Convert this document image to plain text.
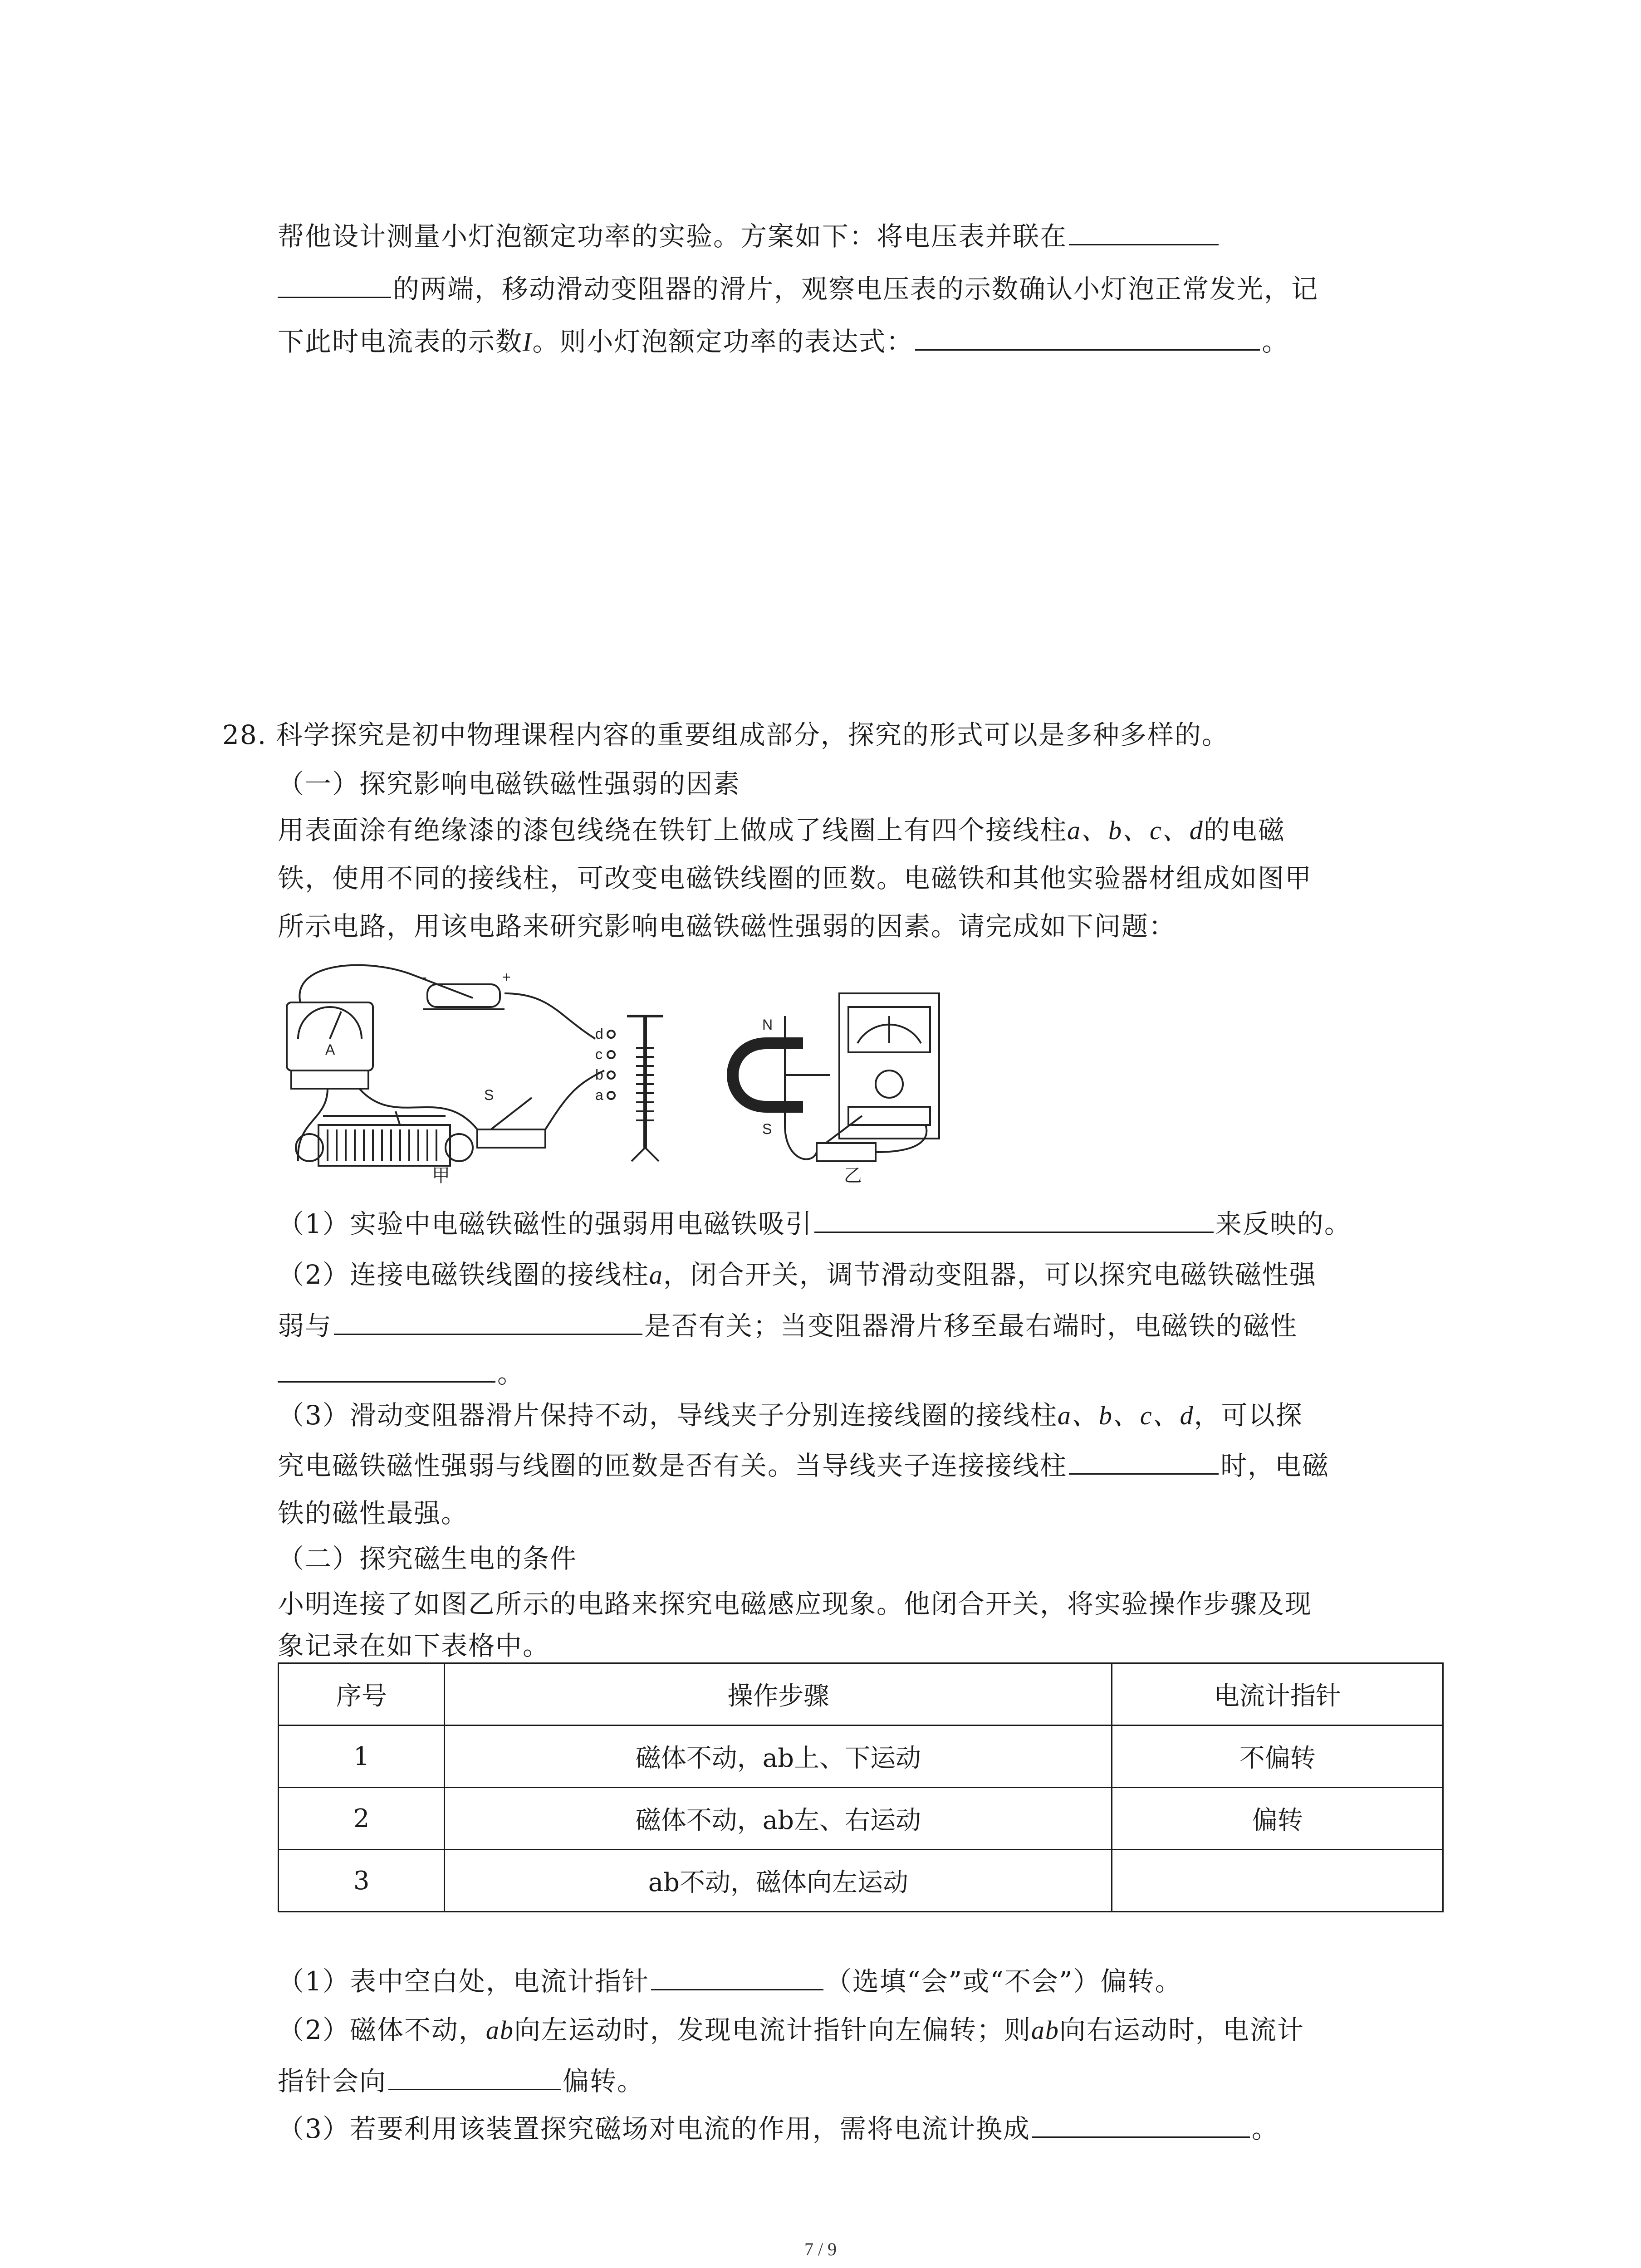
帮他设计测量小灯泡额定功率的实验。方案如下：将电压表并联在
的两端，移动滑动变阻器的滑片，观察电压表的示数确认小灯泡正常发光，记
下此时电流表的示数I。则小灯泡额定功率的表达式：	。
28. 科学探究是初中物理课程内容的重要组成部分，探究的形式可以是多种多样的。
（一）探究影响电磁铁磁性强弱的因素
用表面涂有绝缘漆的漆包线绕在铁钉上做成了线圈上有四个接线柱a、b、c、d的电磁
铁，使用不同的接线柱，可改变电磁铁线圈的匝数。电磁铁和其他实验器材组成如图甲
所示电路，用该电路来研究影响电磁铁磁性强弱的因素。请完成如下问题：
A
-	+
d
c
b
a
S
甲
N
S
乙
（1）实验中电磁铁磁性的强弱用电磁铁吸引	来反映的。
（2）连接电磁铁线圈的接线柱a，闭合开关，调节滑动变阻器，可以探究电磁铁磁性强
弱与	是否有关；当变阻器滑片移至最右端时，电磁铁的磁性
。
（3）滑动变阻器滑片保持不动，导线夹子分别连接线圈的接线柱a、b、c、d，可以探
究电磁铁磁性强弱与线圈的匝数是否有关。当导线夹子连接接线柱	时，电磁
铁的磁性最强。
（二）探究磁生电的条件
小明连接了如图乙所示的电路来探究电磁感应现象。他闭合开关，将实验操作步骤及现
象记录在如下表格中。
序号	操作步骤	电流计指针
1	磁体不动，ab上、下运动	不偏转
2	磁体不动，ab左、右运动	偏转
3	ab不动，磁体向左运动	
（1）表中空白处，电流计指针	（选填“会”或“不会”）偏转。
（2）磁体不动，ab向左运动时，发现电流计指针向左偏转；则ab向右运动时，电流计
指针会向	偏转。
（3）若要利用该装置探究磁场对电流的作用，需将电流计换成	。
7 / 9
